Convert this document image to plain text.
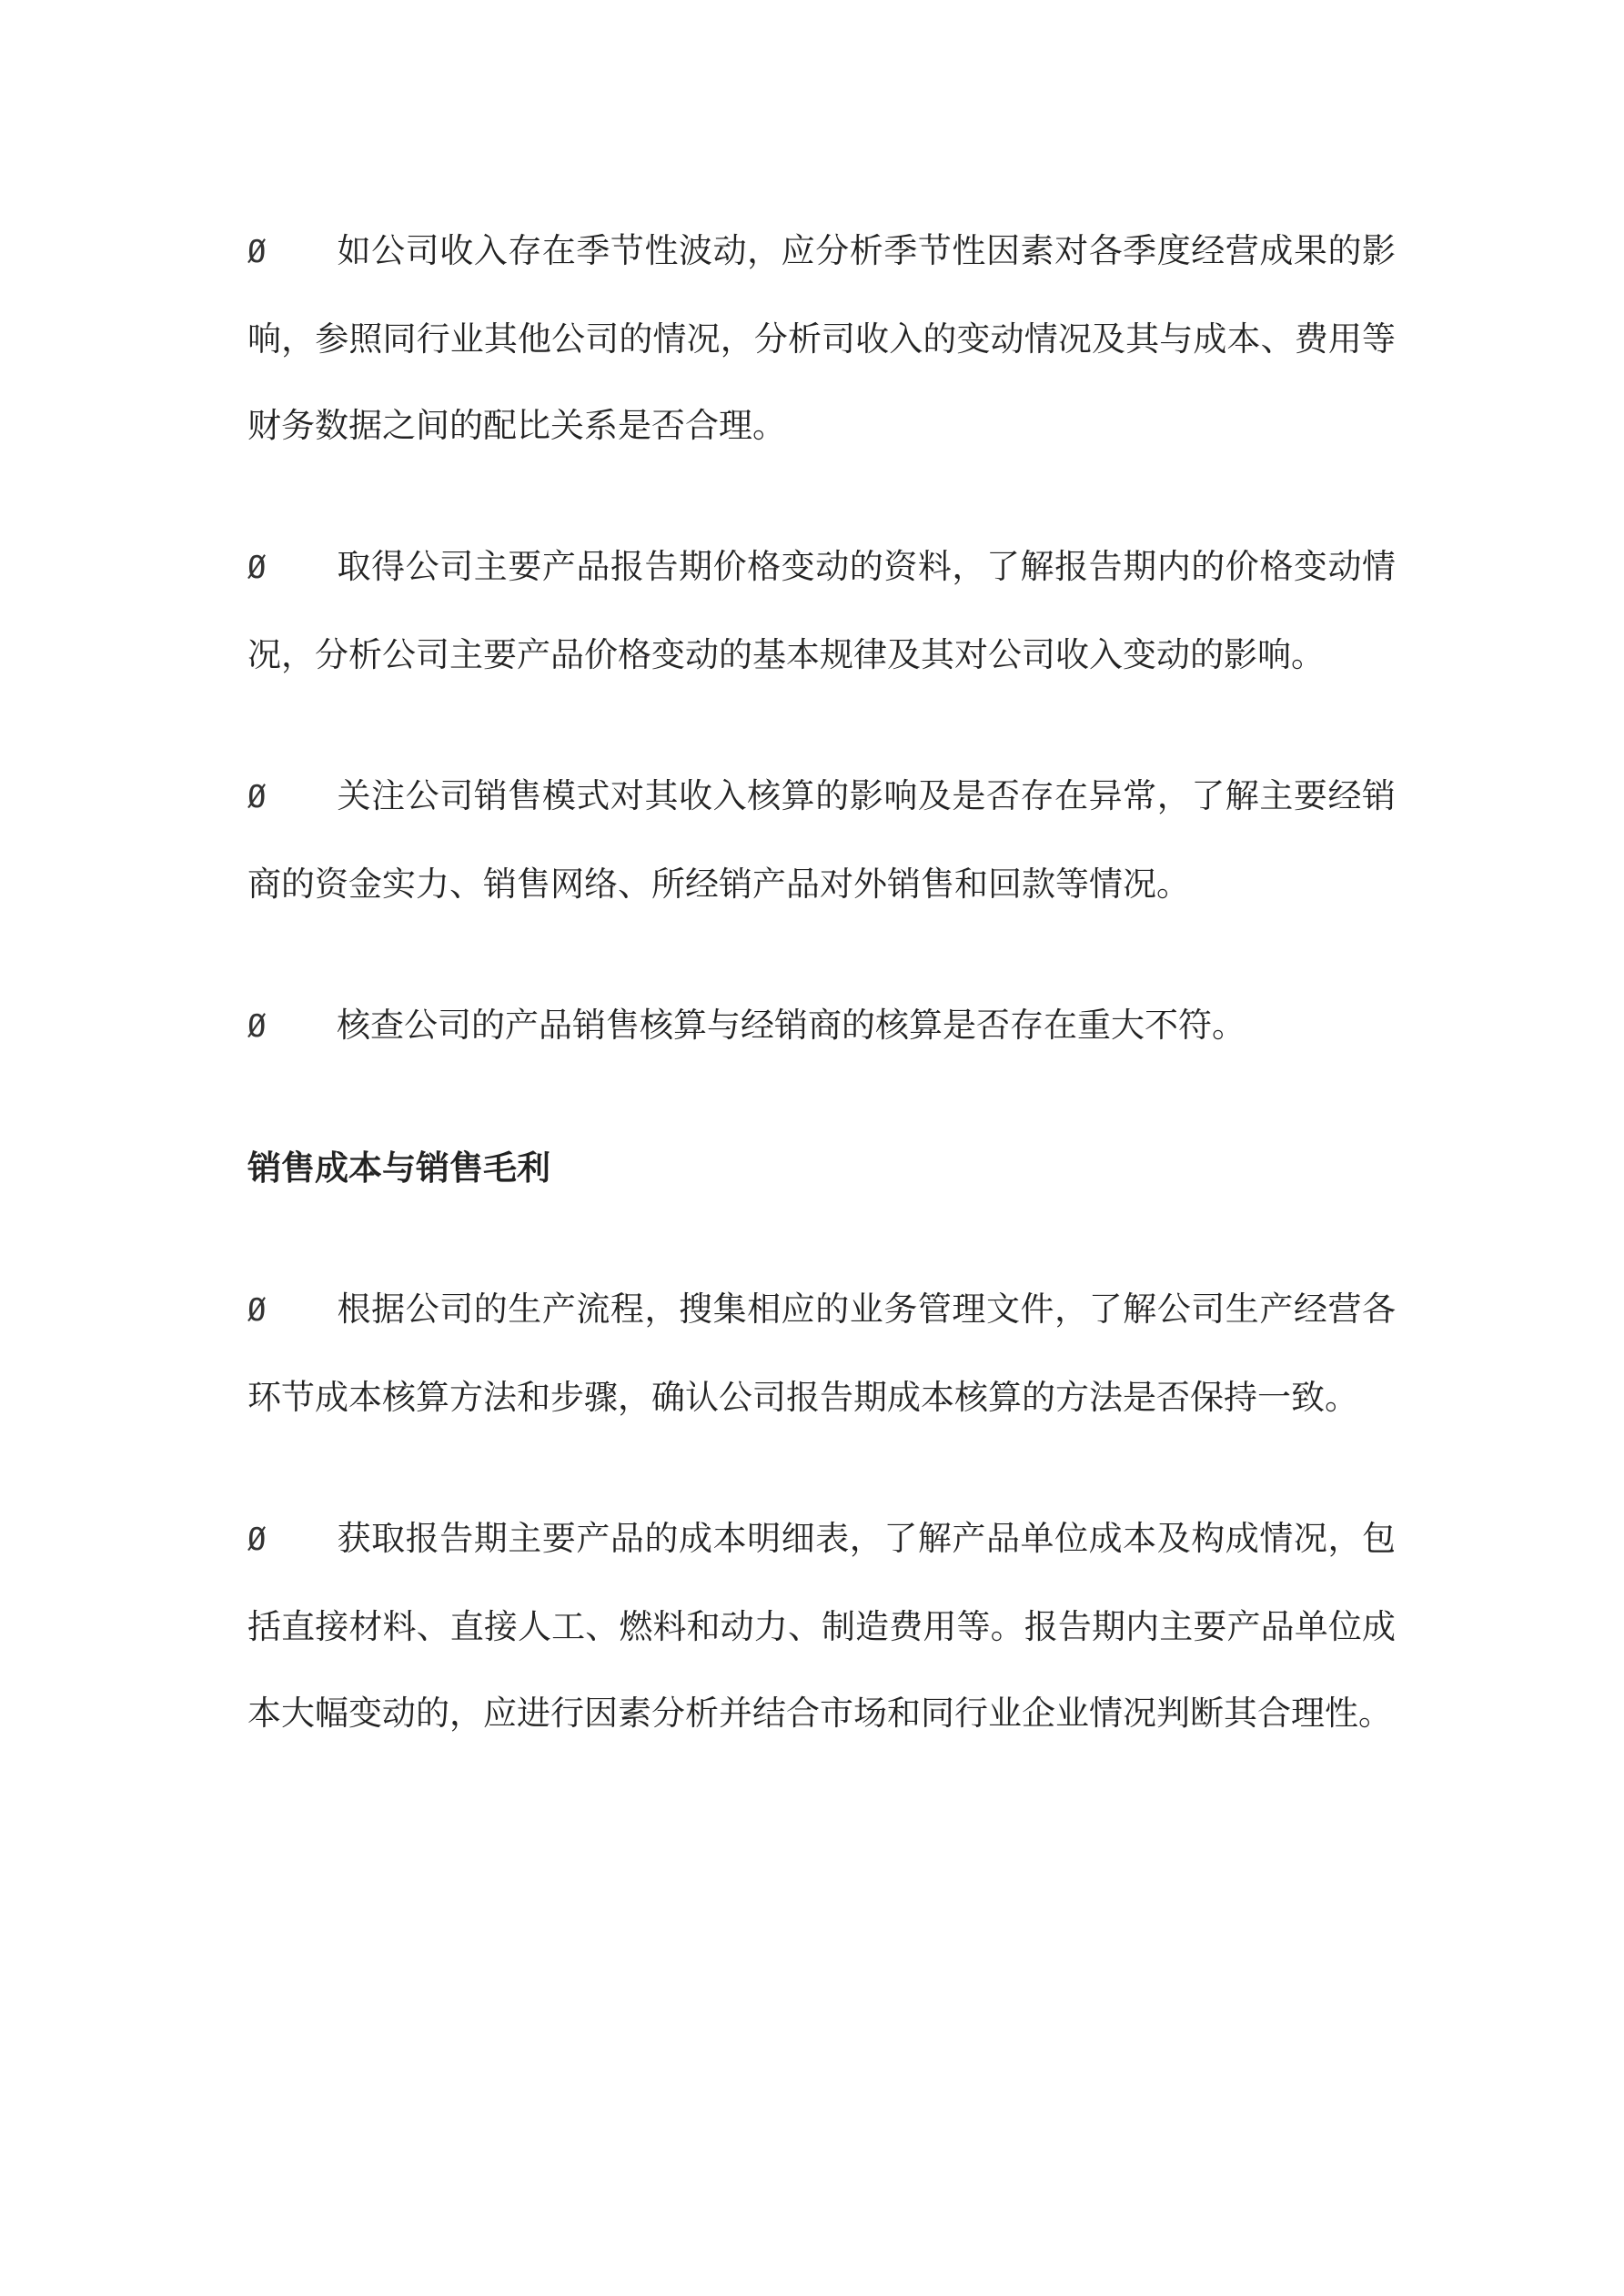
Ø 如公司收入存在季节性波动，应分析季节性因素对各季度经营成果的影响，参照同行业其他公司的情况，分析司收入的变动情况及其与成本、费用等财务数据之间的配比关系是否合理。

Ø 取得公司主要产品报告期价格变动的资料，了解报告期内的价格变动情况，分析公司主要产品价格变动的基本规律及其对公司收入变动的影响。

Ø 关注公司销售模式对其收入核算的影响及是否存在异常，了解主要经销商的资金实力、销售网络、所经销产品对外销售和回款等情况。

Ø 核查公司的产品销售核算与经销商的核算是否存在重大不符。

销售成本与销售毛利

Ø 根据公司的生产流程，搜集相应的业务管理文件，了解公司生产经营各环节成本核算方法和步骤，确认公司报告期成本核算的方法是否保持一致。

Ø 获取报告期主要产品的成本明细表，了解产品单位成本及构成情况，包括直接材料、直接人工、燃料和动力、制造费用等。报告期内主要产品单位成本大幅变动的，应进行因素分析并结合市场和同行业企业情况判断其合理性。
